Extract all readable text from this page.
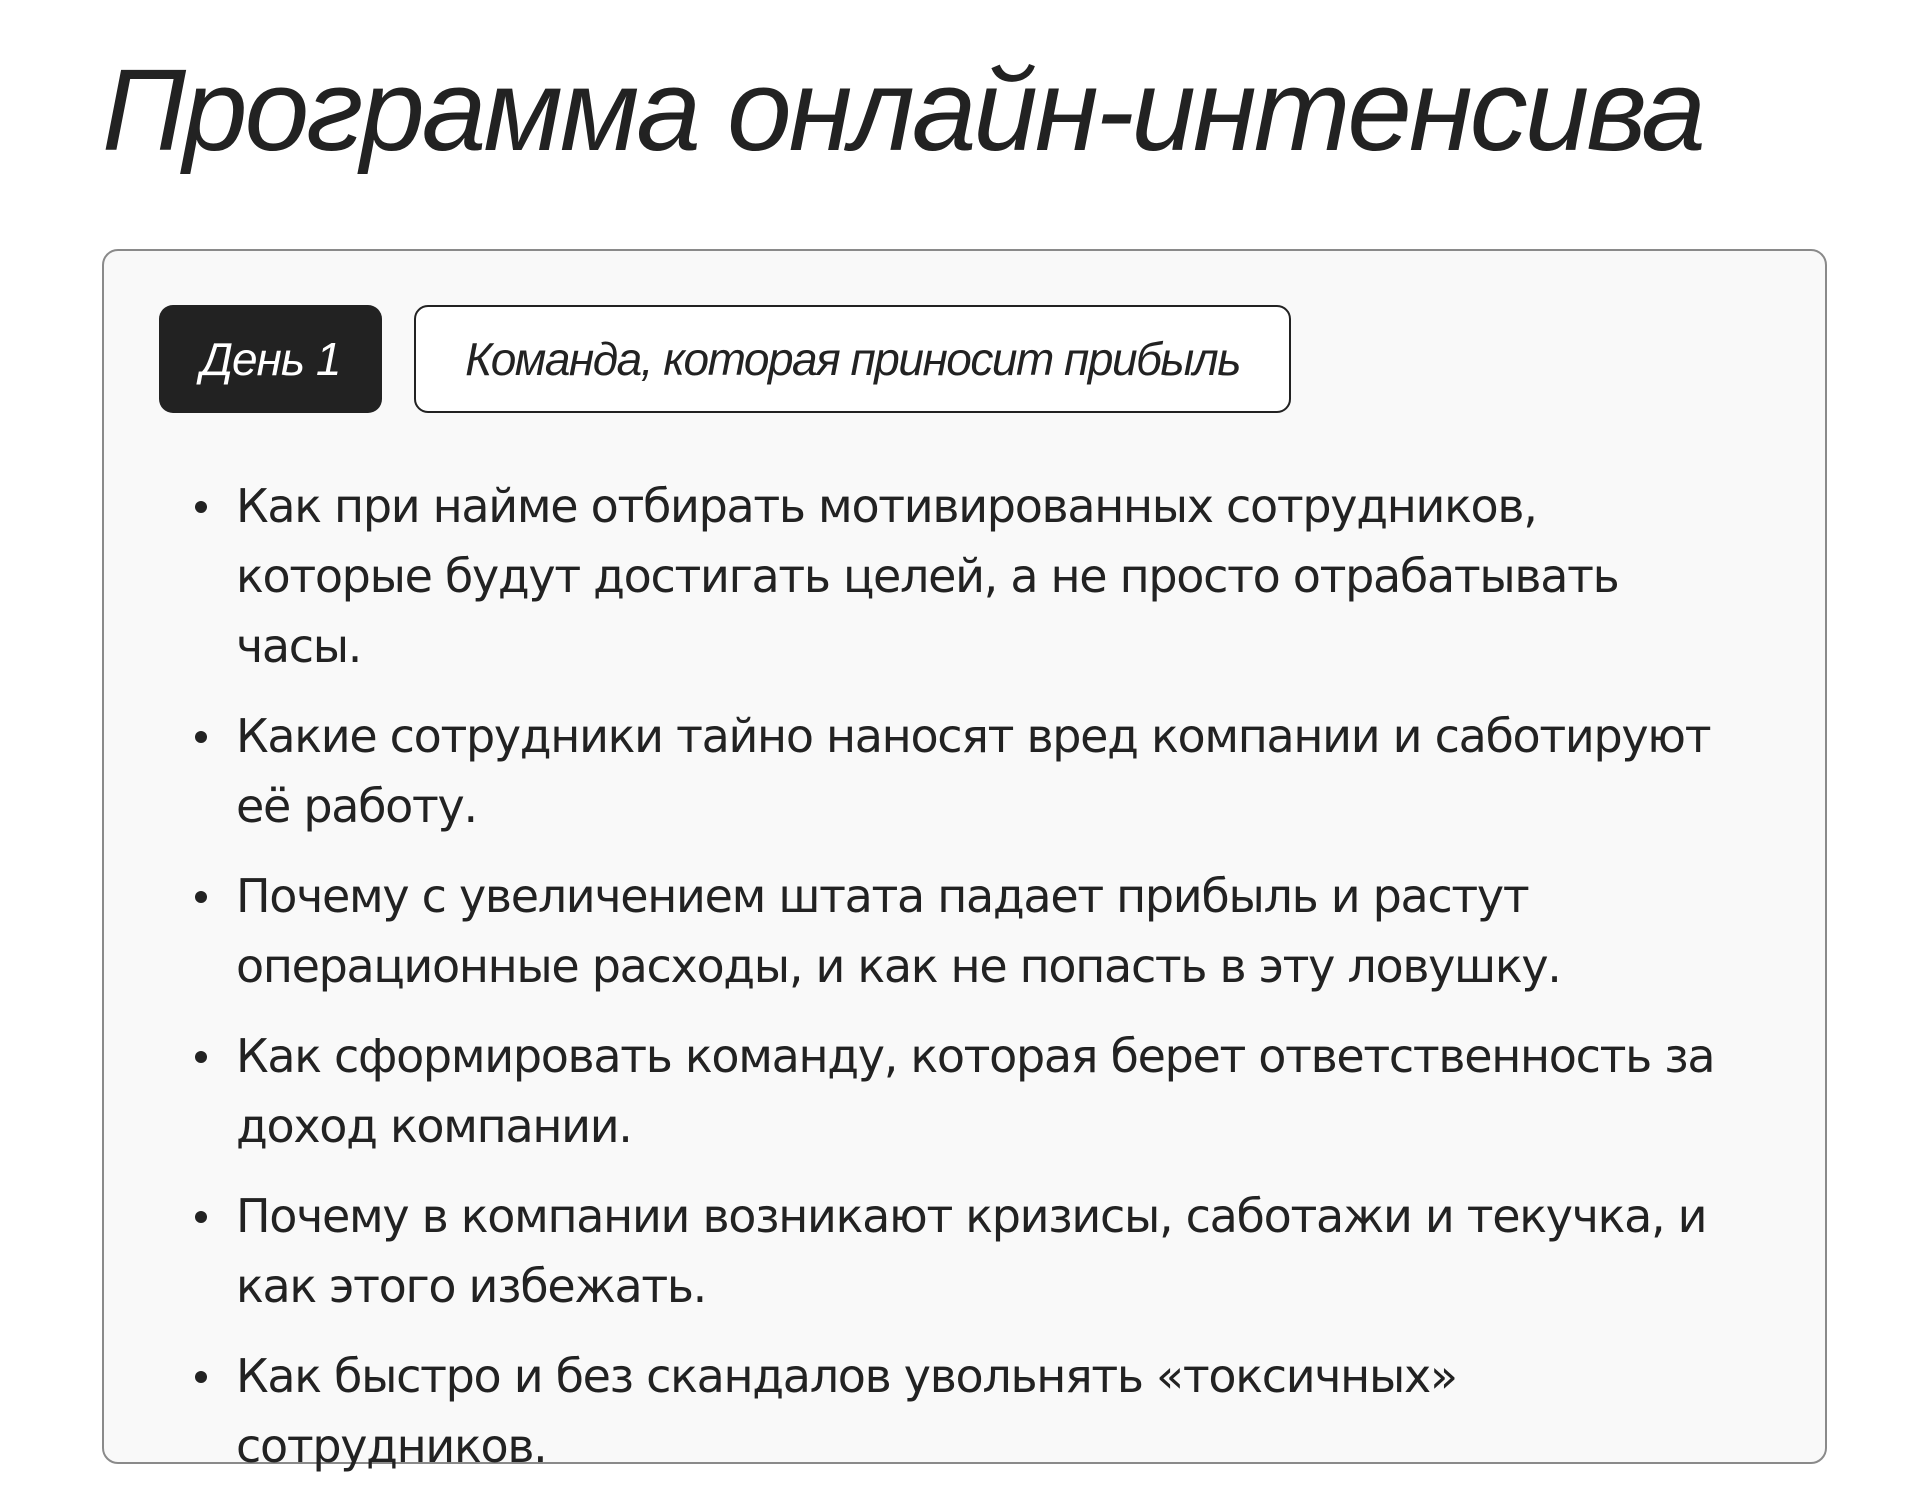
Программа онлайн-интенсива
День 1	Команда, которая приносит прибыль
Как при найме отбирать мотивированных сотрудников, которые будут достигать целей, а не просто отрабатывать часы.
Какие сотрудники тайно наносят вред компании и саботируют её работу.
Почему с увеличением штата падает прибыль и растут операционные расходы, и как не попасть в эту ловушку.
Как сформировать команду, которая берет ответственность за доход компании.
Почему в компании возникают кризисы, саботажи и текучка, и как этого избежать.
Как быстро и без скандалов увольнять «токсичных» сотрудников.
